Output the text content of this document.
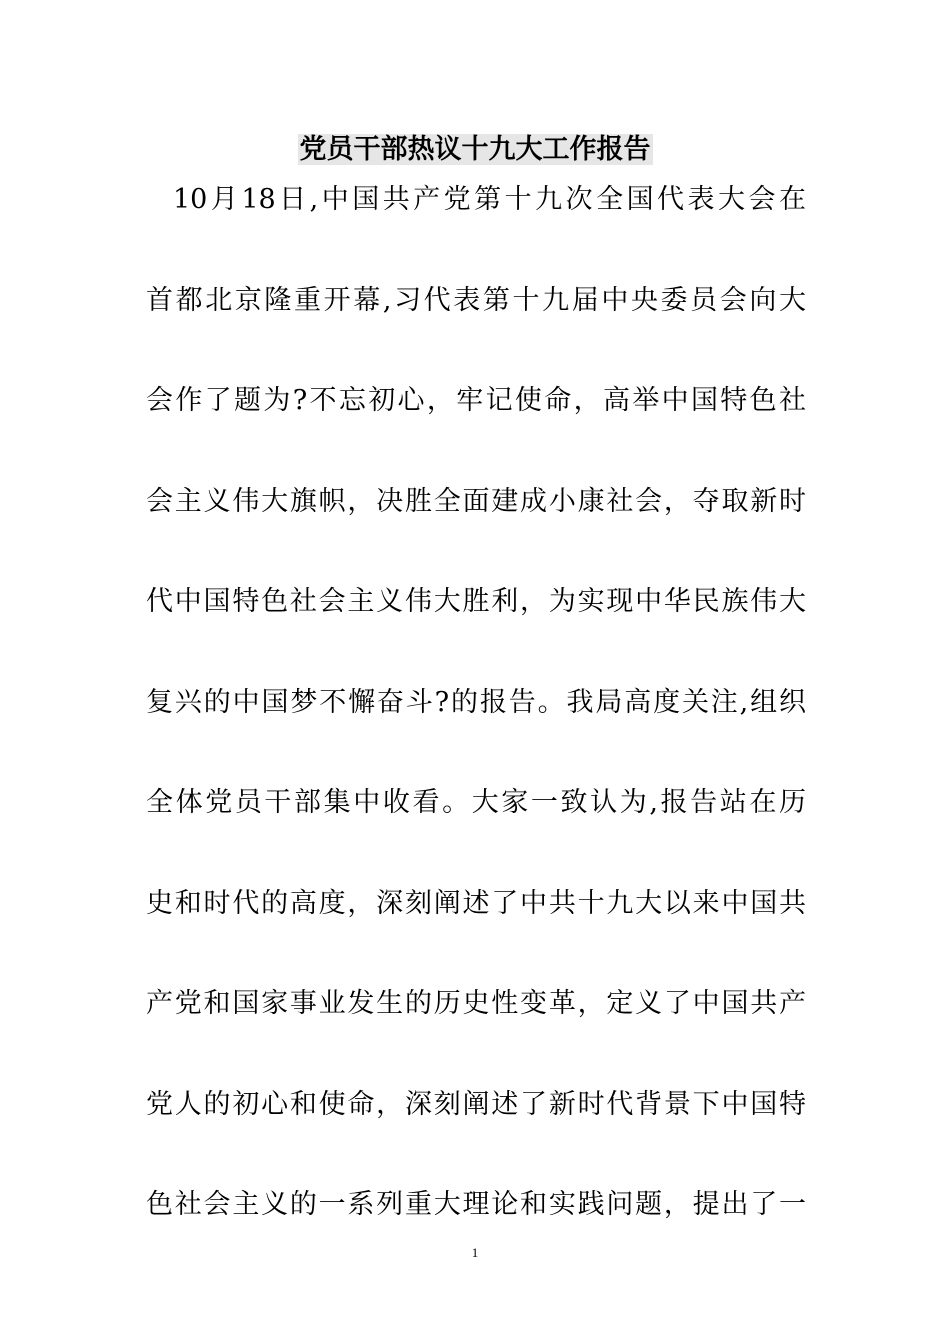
党员干部热议十九大工作报告
10月18日,中国共产党第十九次全国代表大会在
首都北京隆重开幕,习代表第十九届中央委员会向大
会作了题为?不忘初心，牢记使命，高举中国特色社
会主义伟大旗帜，决胜全面建成小康社会，夺取新时
代中国特色社会主义伟大胜利，为实现中华民族伟大
复兴的中国梦不懈奋斗?的报告。我局高度关注,组织
全体党员干部集中收看。大家一致认为,报告站在历
史和时代的高度，深刻阐述了中共十九大以来中国共
产党和国家事业发生的历史性变革，定义了中国共产
党人的初心和使命，深刻阐述了新时代背景下中国特
色社会主义的一系列重大理论和实践问题，提出了一
1
